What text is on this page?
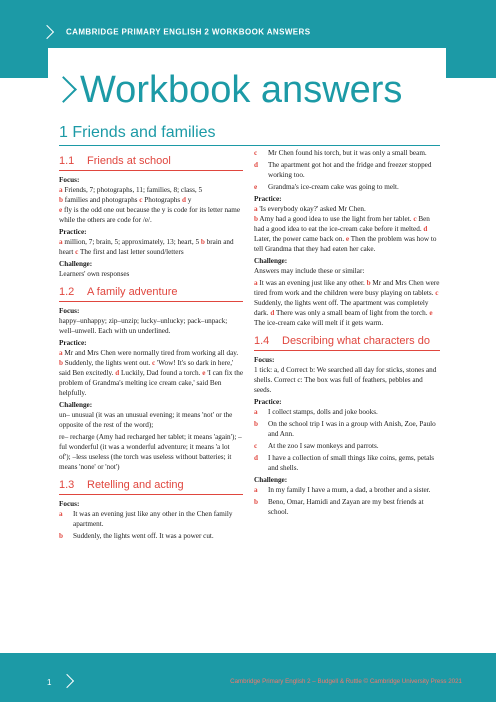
CAMBRIDGE PRIMARY ENGLISH 2 WORKBOOK ANSWERS
Workbook answers
1 Friends and families
1.1	Friends at school
Focus:
a Friends, 7; photographs, 11; families, 8; class, 5
b families and photographs c Photographs d y
e fly is the odd one out because the y is code for its letter name while the others are code for /e/.
Practice:
a million, 7; brain, 5; approximately, 13; heart, 5 b brain and heart c The first and last letter sound/letters
Challenge:
Learners' own responses
1.2	A family adventure
Focus:
happy–unhappy; zip–unzip; lucky–unlucky; pack–unpack; well–unwell. Each with un underlined.
Practice:
a Mr and Mrs Chen were normally tired from working all day. b Suddenly, the lights went out. c 'Wow! It's so dark in here,' said Ben excitedly. d Luckily, Dad found a torch. e 'I can fix the problem of Grandma's melting ice cream cake,' said Ben helpfully.
Challenge:
un– unusual (it was an unusual evening; it means 'not' or the opposite of the rest of the word);
re– recharge (Amy had recharged her tablet; it means 'again'); –ful wonderful (it was a wonderful adventure; it means 'a lot of'); –less useless (the torch was useless without batteries; it means 'none' or 'not')
1.3	Retelling and acting
Focus:
a	It was an evening just like any other in the Chen family apartment.
b	Suddenly, the lights went off. It was a power cut.
c	Mr Chen found his torch, but it was only a small beam.
d	The apartment got hot and the fridge and freezer stopped working too.
e	Grandma's ice-cream cake was going to melt.
Practice:
a 'Is everybody okay?' asked Mr Chen.
b Amy had a good idea to use the light from her tablet. c Ben had a good idea to eat the ice-cream cake before it melted. d Later, the power came back on. e Then the problem was how to tell Grandma that they had eaten her cake.
Challenge:
Answers may include these or similar:
a It was an evening just like any other. b Mr and Mrs Chen were tired from work and the children were busy playing on tablets. c Suddenly, the lights went off. The apartment was completely dark. d There was only a small beam of light from the torch. e The ice-cream cake will melt if it gets warm.
1.4	Describing what characters do
Focus:
1 tick: a, d Correct b: We searched all day for sticks, stones and shells. Correct c: The box was full of feathers, pebbles and seeds.
Practice:
a	I collect stamps, dolls and joke books.
b	On the school trip I was in a group with Anish, Zoe, Paulo and Ann.
c	At the zoo I saw monkeys and parrots.
d	I have a collection of small things like coins, gems, petals and shells.
Challenge:
a	In my family I have a mum, a dad, a brother and a sister.
b	Beno, Omar, Hamidi and Zayan are my best friends at school.
1	Cambridge Primary English 2 – Budgell & Ruttle © Cambridge University Press 2021
